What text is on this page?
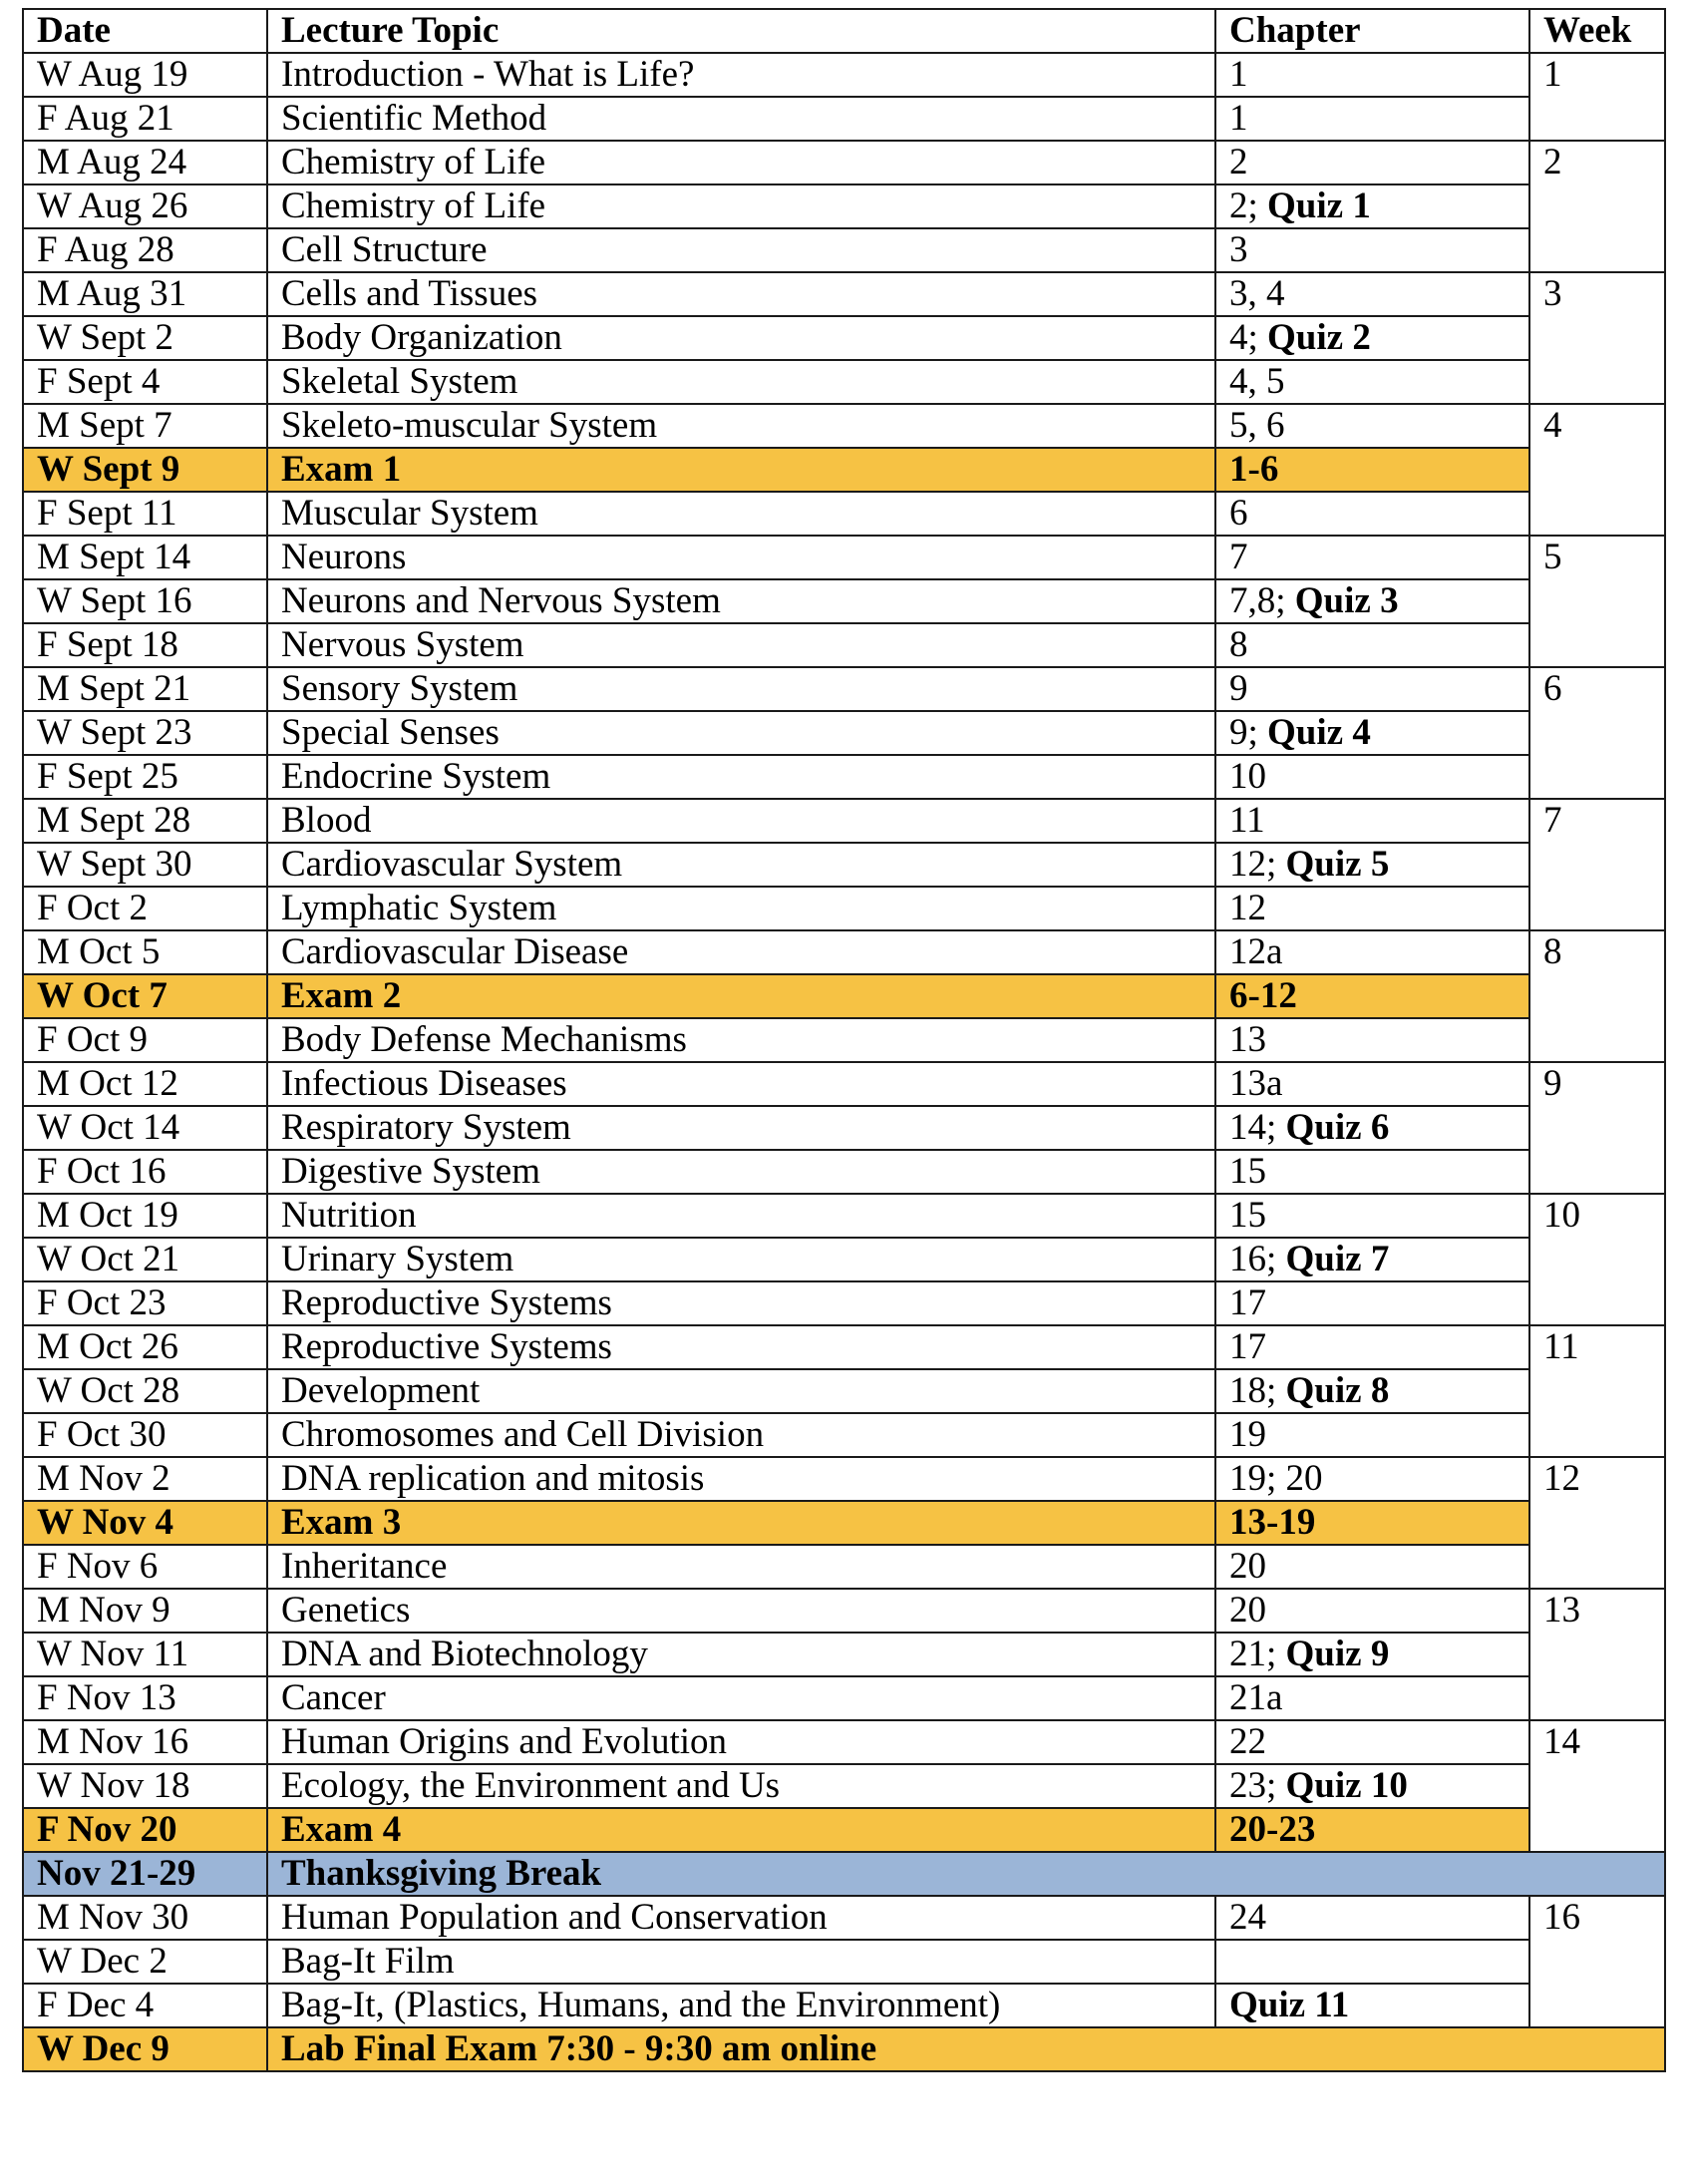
Date	Lecture Topic	Chapter	Week
W Aug 19	Introduction - What is Life?	1	1
F Aug 21	Scientific Method	1	
M Aug 24	Chemistry of Life	2	2
W Aug 26	Chemistry of Life	2; Quiz 1	
F Aug 28	Cell Structure	3	
M Aug 31	Cells and Tissues	3, 4	3
W Sept 2	Body Organization	4; Quiz 2	
F Sept 4	Skeletal System	4, 5	
M Sept 7	Skeleto-muscular System	5, 6	4
W Sept 9	Exam 1	1-6	
F Sept 11	Muscular System	6	
M Sept 14	Neurons	7	5
W Sept 16	Neurons and Nervous System	7,8; Quiz 3	
F Sept 18	Nervous System	8	
M Sept 21	Sensory System	9	6
W Sept 23	Special Senses	9; Quiz 4	
F Sept 25	Endocrine System	10	
M Sept 28	Blood	11	7
W Sept 30	Cardiovascular System	12; Quiz 5	
F Oct 2	Lymphatic System	12	
M Oct 5	Cardiovascular Disease	12a	8
W Oct 7	Exam 2	6-12	
F Oct 9	Body Defense Mechanisms	13	
M Oct 12	Infectious Diseases	13a	9
W Oct 14	Respiratory System	14; Quiz 6	
F Oct 16	Digestive System	15	
M Oct 19	Nutrition	15	10
W Oct 21	Urinary System	16; Quiz 7	
F Oct 23	Reproductive Systems	17	
M Oct 26	Reproductive Systems	17	11
W Oct 28	Development	18; Quiz 8	
F Oct 30	Chromosomes and Cell Division	19	
M Nov 2	DNA replication and mitosis	19; 20	12
W Nov 4	Exam 3	13-19	
F Nov 6	Inheritance	20	
M Nov 9	Genetics	20	13
W Nov 11	DNA and Biotechnology	21; Quiz 9	
F Nov 13	Cancer	21a	
M Nov 16	Human Origins and Evolution	22	14
W Nov 18	Ecology, the Environment and Us	23; Quiz 10	
F Nov 20	Exam 4	20-23	
Nov 21-29	Thanksgiving Break		
M Nov 30	Human Population and Conservation	24	16
W Dec 2	Bag-It Film		
F Dec 4	Bag-It, (Plastics, Humans, and the Environment)	Quiz 11	
W Dec 9	Lab Final Exam 7:30 - 9:30 am online		
